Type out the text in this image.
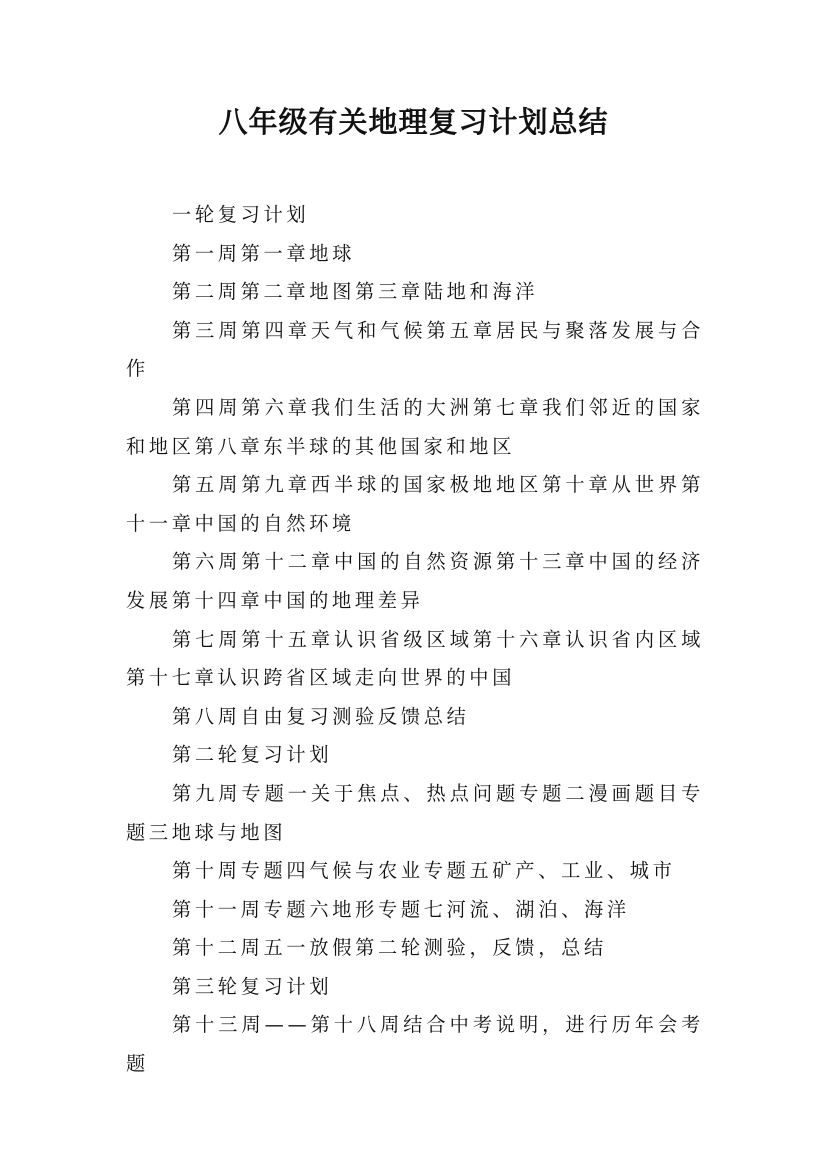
八年级有关地理复习计划总结

一轮复习计划

第一周第一章地球

第二周第二章地图第三章陆地和海洋

第三周第四章天气和气候第五章居民与聚落发展与合作

第四周第六章我们生活的大洲第七章我们邻近的国家和地区第八章东半球的其他国家和地区

第五周第九章西半球的国家极地地区第十章从世界第十一章中国的自然环境

第六周第十二章中国的自然资源第十三章中国的经济发展第十四章中国的地理差异

第七周第十五章认识省级区域第十六章认识省内区域第十七章认识跨省区域走向世界的中国

第八周自由复习测验反馈总结

第二轮复习计划

第九周专题一关于焦点、热点问题专题二漫画题目专题三地球与地图

第十周专题四气候与农业专题五矿产、工业、城市

第十一周专题六地形专题七河流、湖泊、海洋

第十二周五一放假第二轮测验，反馈，总结

第三轮复习计划

第十三周——第十八周结合中考说明，进行历年会考题
